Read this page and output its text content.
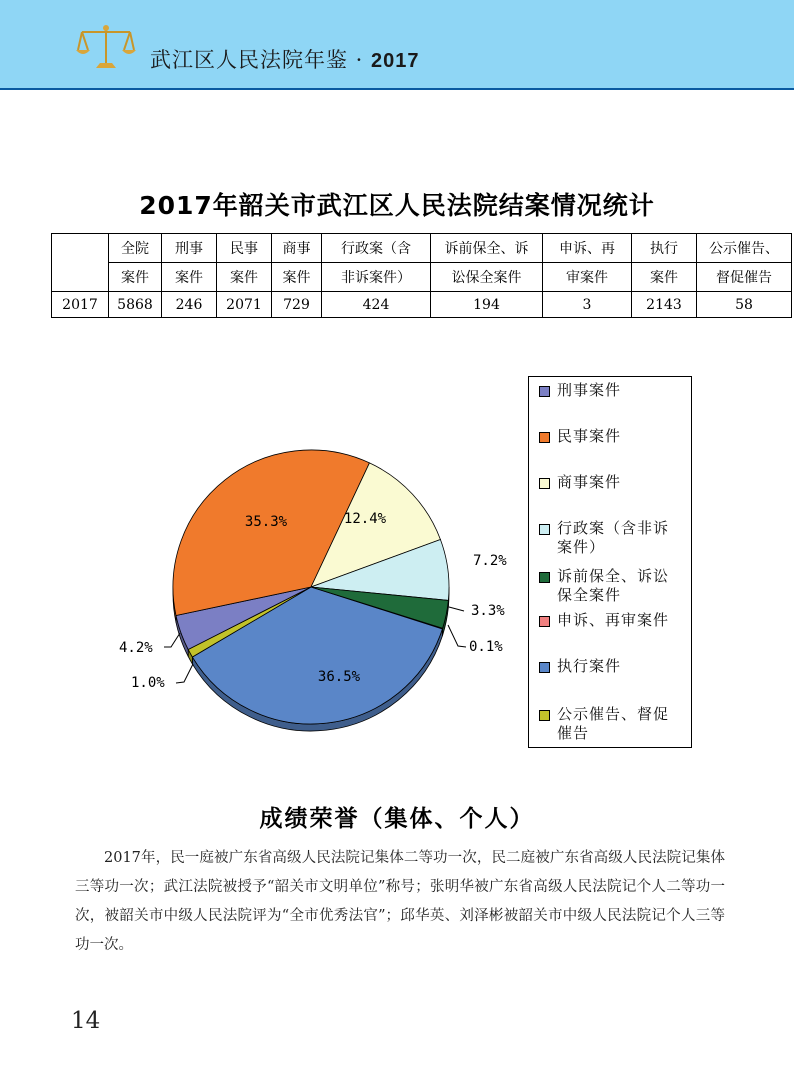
武江区人民法院年鉴 · 2017
2017年韶关市武江区人民法院结案情况统计
	全院	刑事	民事	商事	行政案（含	诉前保全、诉	申诉、再	执行	公示催告、
	案件	案件	案件	案件	非诉案件）	讼保全案件	审案件	案件	督促催告
2017	5868	246	2071	729	424	194	3	2143	58
0.1%
36.5%
1.0%
4.2%
35.3%	12.4%
7.2%
3.3%
刑事案件
民事案件
商事案件
行政案（含非诉
案件）
诉前保全、诉讼
保全案件
申诉、再审案件
执行案件
公示催告、督促
催告
成绩荣誉（集体、个人）
2017年，民一庭被广东省高级人民法院记集体二等功一次，民二庭被广东省高级人民法院记集体三等功一次；武江法院被授予“韶关市文明单位”称号；张明华被广东省高级人民法院记个人二等功一次，被韶关市中级人民法院评为“全市优秀法官”；邱华英、刘泽彬被韶关市中级人民法院记个人三等功一次。
14
